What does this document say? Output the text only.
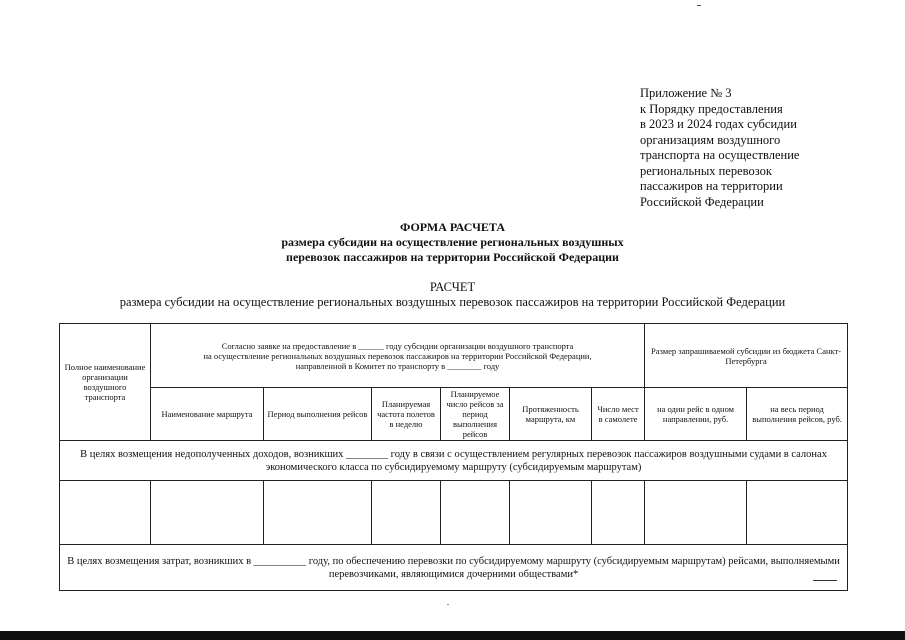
Приложение № 3
к Порядку предоставления
в 2023 и 2024 годах субсидии
организациям воздушного
транспорта на осуществление
региональных перевозок
пассажиров на территории
Российской Федерации
ФОРМА РАСЧЕТА
размера субсидии на осуществление региональных воздушных
перевозок пассажиров на территории Российской Федерации
РАСЧЕТ
размера субсидии на осуществление региональных воздушных перевозок пассажиров на территории Российской Федерации
Полное наименование организации воздушного транспорта	Согласно заявке на предоставление в ______ году субсидии организации воздушного транспорта
на осуществление региональных воздушных перевозок пассажиров на территории Российской Федерации,
направленной в Комитет по транспорту в ________ году						Размер запрашиваемой субсидии из бюджета Санкт-Петербурга	
	Наименование маршрута	Период выполнения рейсов	Планируемая частота полетов в неделю	Планируемое число рейсов за период выполнения рейсов	Протяженность маршрута, км	Число мест в самолете	на один рейс в одном направлении, руб.	на весь период выполнения рейсов, руб.
В целях возмещения недополученных доходов, возникших ________ году в связи с осуществлением регулярных перевозок пассажиров воздушными судами в салонах экономического класса по субсидируемому маршруту (субсидируемым маршрутам)								

В целях возмещения затрат, возникших в __________ году, по обеспечению перевозки по субсидируемому маршруту (субсидируемым маршрутам) рейсами, выполняемыми перевозчиками, являющимися дочерними обществами*								
